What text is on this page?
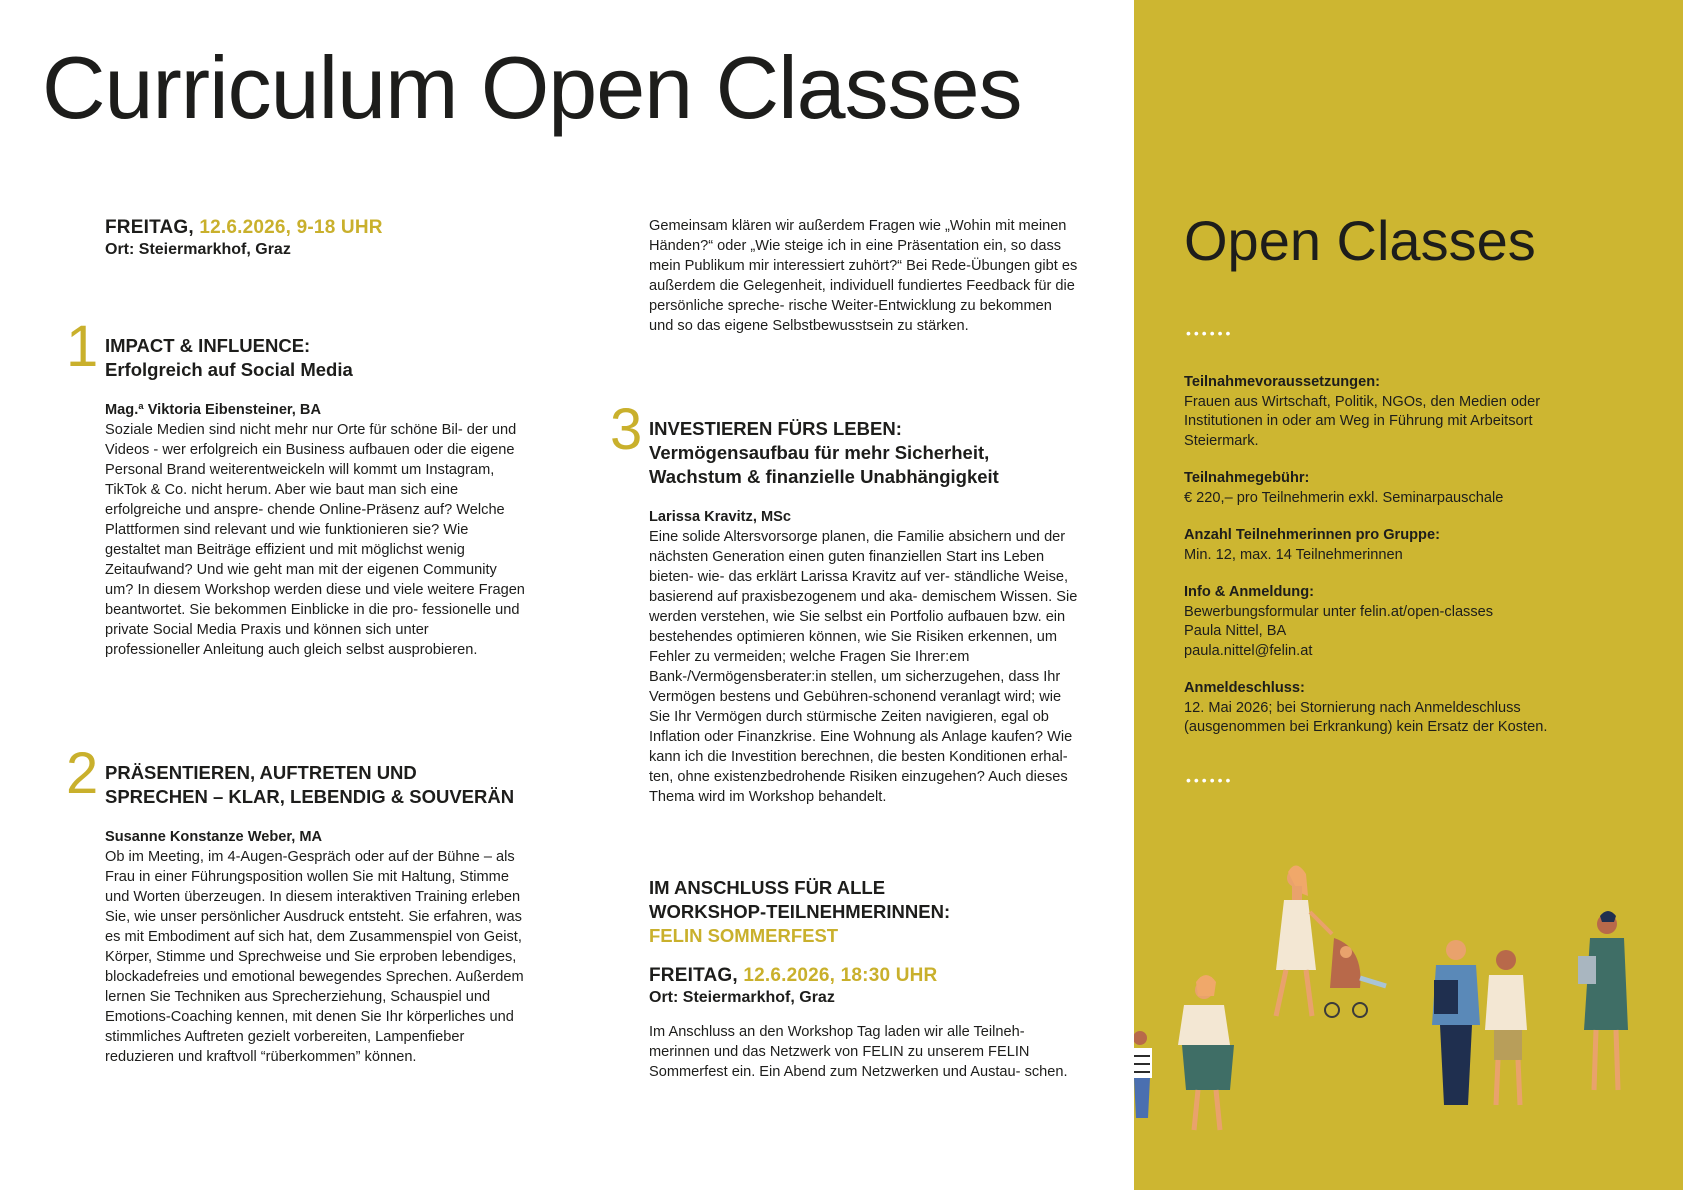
Curriculum Open Classes

FREITAG, 12.6.2026, 9-18 UHR

Ort: Steiermarkhof, Graz

1 IMPACT & INFLUENCE:

Erfolgreich auf Social Media

Mag.ª Viktoria Eibensteiner, BA

Soziale Medien sind nicht mehr nur Orte für schöne Bil- der und Videos - wer erfolgreich ein Business aufbauen oder die eigene Personal Brand weiterentweickeln will kommt um Instagram, TikTok & Co. nicht herum. Aber wie baut man sich eine erfolgreiche und anspre- chende Online-Präsenz auf? Welche Plattformen sind relevant und wie funktionieren sie? Wie gestaltet man Beiträge effizient und mit möglichst wenig Zeitaufwand? Und wie geht man mit der eigenen Community um? In diesem Workshop werden diese und viele weitere Fragen beantwortet. Sie bekommen Einblicke in die pro- fessionelle und private Social Media Praxis und können sich unter professioneller Anleitung auch gleich selbst ausprobieren.

2 PRÄSENTIEREN, AUFTRETEN UND

SPRECHEN – KLAR, LEBENDIG & SOUVERÄN

Susanne Konstanze Weber, MA

Ob im Meeting, im 4-Augen-Gespräch oder auf der Bühne – als Frau in einer Führungsposition wollen Sie mit Haltung, Stimme und Worten überzeugen. In diesem interaktiven Training erleben Sie, wie unser persönlicher Ausdruck entsteht. Sie erfahren, was es mit Embodiment auf sich hat, dem Zusammenspiel von Geist, Körper, Stimme und Sprechweise und Sie erproben lebendiges, blockadefreies und emotional bewegendes Sprechen. Außerdem lernen Sie Techniken aus Sprecherziehung, Schauspiel und Emotions-Coaching kennen, mit denen Sie Ihr körperliches und stimmliches Auftreten gezielt vorbereiten, Lampenfieber reduzieren und kraftvoll “rüberkommen” können.

Gemeinsam klären wir außerdem Fragen wie „Wohin mit meinen Händen?“ oder „Wie steige ich in eine Präsentation ein, so dass mein Publikum mir interessiert zuhört?“ Bei Rede-Übungen gibt es außerdem die Gelegenheit, individuell fundiertes Feedback für die persönliche spreche- rische Weiter-Entwicklung zu bekommen und so das eigene Selbstbewusstsein zu stärken.

3 INVESTIEREN FÜRS LEBEN:

Vermögensaufbau für mehr Sicherheit, Wachstum & finanzielle Unabhängigkeit

Larissa Kravitz, MSc

Eine solide Altersvorsorge planen, die Familie absichern und der nächsten Generation einen guten finanziellen Start ins Leben bieten- wie- das erklärt Larissa Kravitz auf ver- ständliche Weise, basierend auf praxisbezogenem und aka- demischem Wissen. Sie werden verstehen, wie Sie selbst ein Portfolio aufbauen bzw. ein bestehendes optimieren können, wie Sie Risiken erkennen, um Fehler zu vermeiden; welche Fragen Sie Ihrer:em Bank-/Vermögensberater:in stellen, um sicherzugehen, dass Ihr Vermögen bestens und Gebühren-schonend veranlagt wird; wie Sie Ihr Vermögen durch stürmische Zeiten navigieren, egal ob Inflation oder Finanzkrise. Eine Wohnung als Anlage kaufen? Wie kann ich die Investition berechnen, die besten Konditionen erhal- ten, ohne existenzbedrohende Risiken einzugehen? Auch dieses Thema wird im Workshop behandelt.

IM ANSCHLUSS FÜR ALLE

WORKSHOP-TEILNEHMERINNEN:

FELIN SOMMERFEST

FREITAG, 12.6.2026, 18:30 UHR

Ort: Steiermarkhof, Graz

Im Anschluss an den Workshop Tag laden wir alle Teilneh- merinnen und das Netzwerk von FELIN zu unserem FELIN Sommerfest ein. Ein Abend zum Netzwerken und Austau- schen.

Open Classes
••••••
Teilnahmevoraussetzungen:
Frauen aus Wirtschaft, Politik, NGOs, den Medien oder Institutionen in oder am Weg in Führung mit Arbeitsort Steiermark.
Teilnahmegebühr:
€ 220,– pro Teilnehmerin exkl. Seminarpauschale
Anzahl Teilnehmerinnen pro Gruppe:
Min. 12, max. 14 Teilnehmerinnen
Info & Anmeldung:
Bewerbungsformular unter felin.at/open-classes
Paula Nittel, BA
paula.nittel@felin.at
Anmeldeschluss:
12. Mai 2026; bei Stornierung nach Anmeldeschluss (ausgenommen bei Erkrankung) kein Ersatz der Kosten.
••••••
